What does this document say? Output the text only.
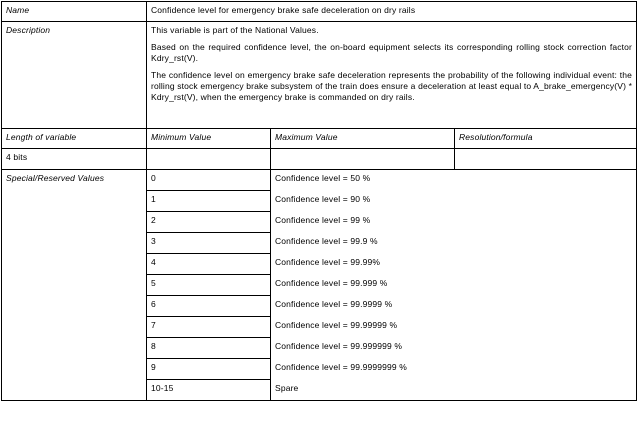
Name	Confidence level for emergency brake safe deceleration on dry rails		
Description	This variable is part of the National Values.

Based on the required confidence level, the on-board equipment selects its corresponding rolling stock correction factor Kdry_rst(V).

The confidence level on emergency brake safe deceleration represents the probability of the following individual event: the rolling stock emergency brake subsystem of the train does ensure a deceleration at least equal to A_brake_emergency(V) * Kdry_rst(V), when the emergency brake is commanded on dry rails.		

Length of variable	Minimum Value	Maximum Value	Resolution/formula
4 bits			
Special/Reserved Values	0	Confidence level = 50 %	
	1	Confidence level = 90 %	
	2	Confidence level = 99 %	
	3	Confidence level = 99.9 %	
	4	Confidence level = 99.99%	
	5	Confidence level = 99.999 %	
	6	Confidence level = 99.9999 %	
	7	Confidence level = 99.99999 %	
	8	Confidence level = 99.999999 %	
	9	Confidence level = 99.9999999 %	
	10-15	Spare	
